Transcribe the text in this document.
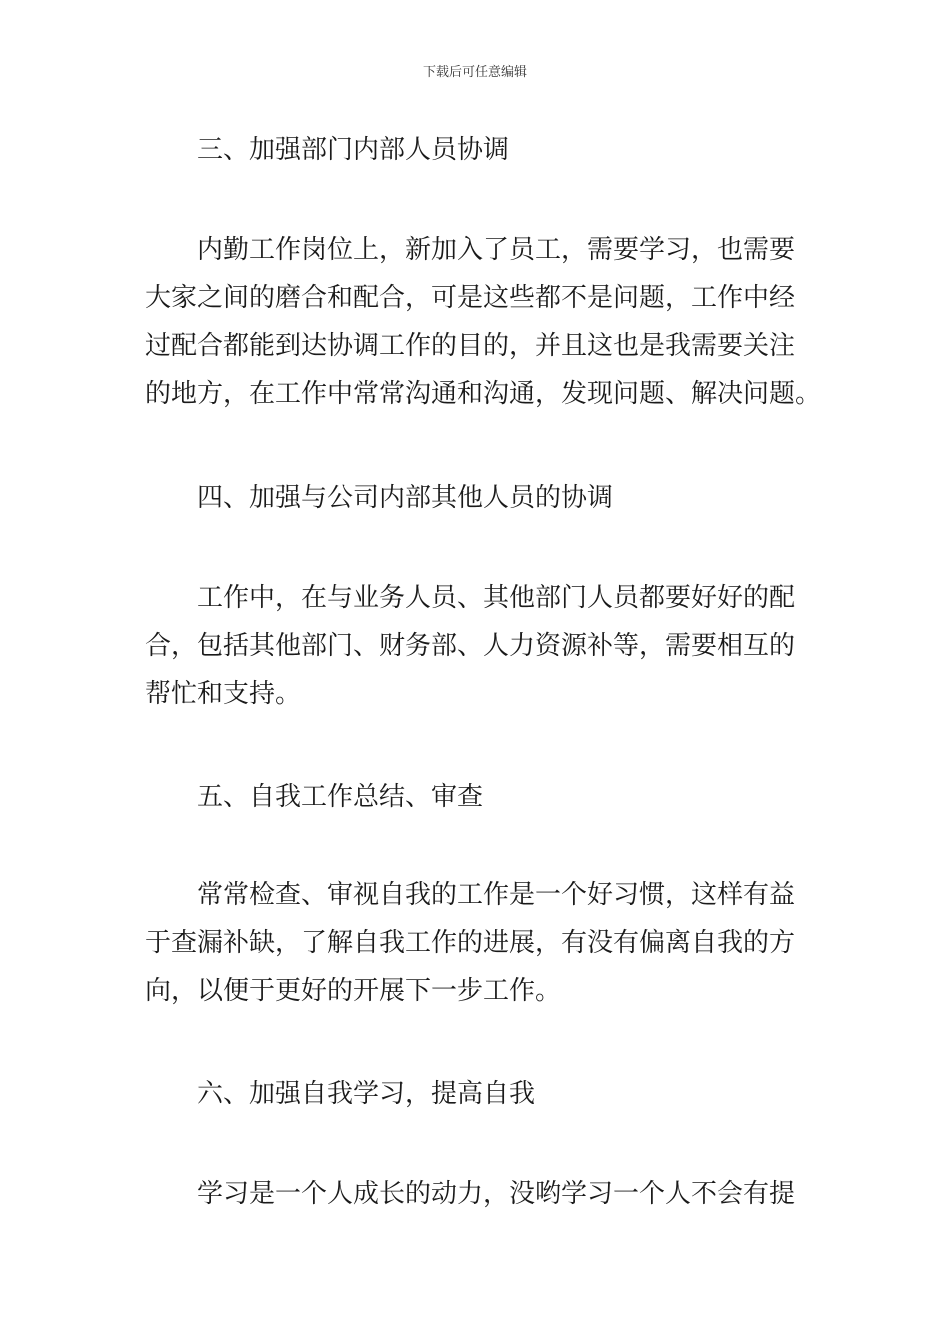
下载后可任意编辑
三、加强部门内部人员协调
内勤工作岗位上，新加入了员工，需要学习，也需要
大家之间的磨合和配合，可是这些都不是问题，工作中经
过配合都能到达协调工作的目的，并且这也是我需要关注
的地方，在工作中常常沟通和沟通，发现问题、解决问题。
四、加强与公司内部其他人员的协调
工作中，在与业务人员、其他部门人员都要好好的配
合，包括其他部门、财务部、人力资源补等，需要相互的
帮忙和支持。
五、自我工作总结、审查
常常检查、审视自我的工作是一个好习惯，这样有益
于查漏补缺，了解自我工作的进展，有没有偏离自我的方
向，以便于更好的开展下一步工作。
六、加强自我学习，提高自我
学习是一个人成长的动力，没哟学习一个人不会有提
